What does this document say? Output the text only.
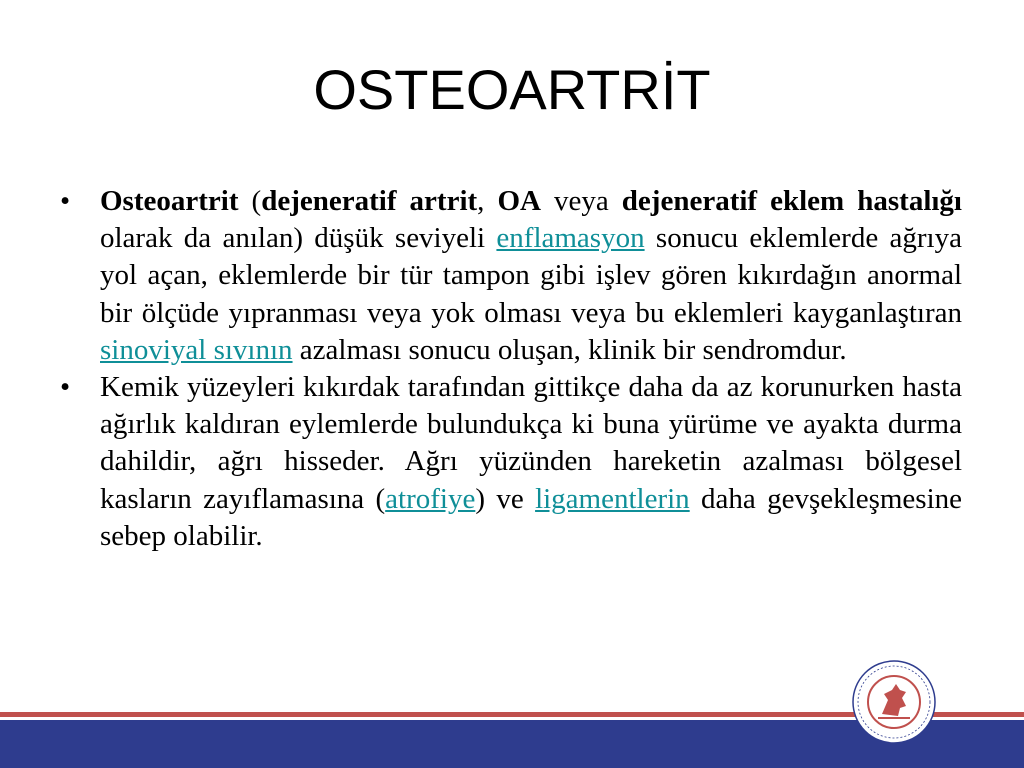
OSTEOARTRİT
• Osteoartrit (dejeneratif artrit, OA veya dejeneratif eklem hastalığı olarak da anılan) düşük seviyeli enflamasyon sonucu eklemlerde ağrıya yol açan, eklemlerde bir tür tampon gibi işlev gören kıkırdağın anormal bir ölçüde yıpranması veya yok olması veya bu eklemleri kayganlaştıran sinoviyal sıvının azalması sonucu oluşan, klinik bir sendromdur.
• Kemik yüzeyleri kıkırdak tarafından gittikçe daha da az korunurken hasta ağırlık kaldıran eylemlerde bulundukça ki buna yürüme ve ayakta durma dahildir, ağrı hisseder. Ağrı yüzünden hareketin azalması bölgesel kasların zayıflamasına (atrofiye) ve ligamentlerin daha gevşekleşmesine sebep olabilir.
